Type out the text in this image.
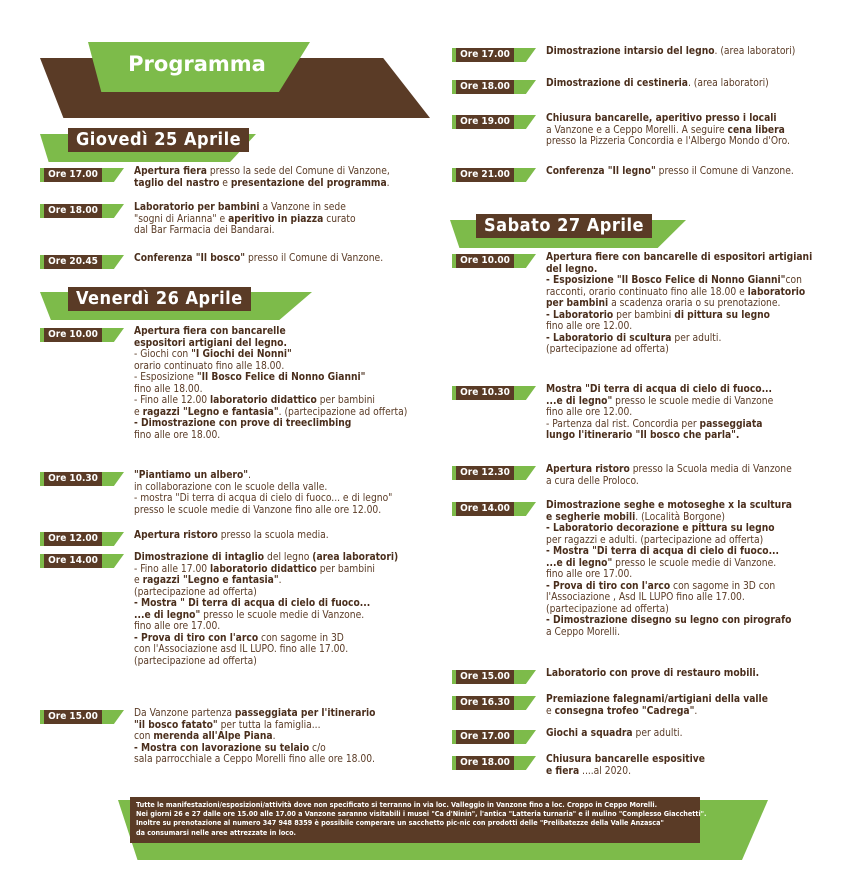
Programma
Giovedì 25 Aprile
Venerdì 26 Aprile
Sabato 27 Aprile
Ore 17.00	Apertura fiera presso la sede del Comune di Vanzone,
taglio del nastro e presentazione del programma.
Ore 18.00	Laboratorio per bambini a Vanzone in sede
"sogni di Arianna" e aperitivo in piazza curato
dal Bar Farmacia dei Bandarai.
Ore 20.45	Conferenza "Il bosco" presso il Comune di Vanzone.
Ore 10.00	Apertura fiera con bancarelle
espositori artigiani del legno.
- Giochi con "I Giochi dei Nonni"
orario continuato fino alle 18.00.
- Esposizione "Il Bosco Felice di Nonno Gianni"
fino alle 18.00.
- Fino alle 12.00 laboratorio didattico per bambini
e ragazzi "Legno e fantasia". (partecipazione ad offerta)
- Dimostrazione con prove di treeclimbing
fino alle ore 18.00.
Ore 10.30	"Piantiamo un albero".
in collaborazione con le scuole della valle.
- mostra "Di terra di acqua di cielo di fuoco... e di legno"
presso le scuole medie di Vanzone fino alle ore 12.00.
Ore 12.00	Apertura ristoro presso la scuola media.
Ore 14.00	Dimostrazione di intaglio del legno (area laboratori)
- Fino alle 17.00 laboratorio didattico per bambini
e ragazzi "Legno e fantasia".
(partecipazione ad offerta)
- Mostra " Di terra di acqua di cielo di fuoco...
...e di legno" presso le scuole medie di Vanzone.
fino alle ore 17.00.
- Prova di tiro con l'arco con sagome in 3D
con l'Associazione asd IL LUPO. fino alle 17.00.
(partecipazione ad offerta)
Ore 15.00	Da Vanzone partenza passeggiata per l'itinerario
"il bosco fatato" per tutta la famiglia...
con merenda all'Alpe Piana.
- Mostra con lavorazione su telaio c/o
sala parrocchiale a Ceppo Morelli fino alle ore 18.00.
Ore 17.00	Dimostrazione intarsio del legno. (area laboratori)
Ore 18.00	Dimostrazione di cestineria. (area laboratori)
Ore 19.00	Chiusura bancarelle, aperitivo presso i locali
a Vanzone e a Ceppo Morelli. A seguire cena libera
presso la Pizzeria Concordia e l'Albergo Mondo d'Oro.
Ore 21.00	Conferenza "Il legno" presso il Comune di Vanzone.
Ore 10.00	Apertura fiere con bancarelle di espositori artigiani
del legno.
- Esposizione "Il Bosco Felice di Nonno Gianni"con
racconti, orario continuato fino alle 18.00 e laboratorio
per bambini a scadenza oraria o su prenotazione.
- Laboratorio per bambini di pittura su legno
fino alle ore 12.00.
- Laboratorio di scultura per adulti.
(partecipazione ad offerta)
Ore 10.30	Mostra "Di terra di acqua di cielo di fuoco...
...e di legno" presso le scuole medie di Vanzone
fino alle ore 12.00.
- Partenza dal rist. Concordia per passeggiata
lungo l'itinerario "Il bosco che parla".
Ore 12.30	Apertura ristoro presso la Scuola media di Vanzone
a cura delle Proloco.
Ore 14.00	Dimostrazione seghe e motoseghe x la scultura
e segherie mobili. (Località Borgone)
- Laboratorio decorazione e pittura su legno
per ragazzi e adulti. (partecipazione ad offerta)
- Mostra "Di terra di acqua di cielo di fuoco...
...e di legno" presso le scuole medie di Vanzone.
fino alle ore 17.00.
- Prova di tiro con l'arco con sagome in 3D con
l'Associazione , Asd IL LUPO fino alle 17.00.
(partecipazione ad offerta)
- Dimostrazione disegno su legno con pirografo
a Ceppo Morelli.
Ore 15.00	Laboratorio con prove di restauro mobili.
Ore 16.30	Premiazione falegnami/artigiani della valle
e consegna trofeo "Cadrega".
Ore 17.00	Giochi a squadra per adulti.
Ore 18.00	Chiusura bancarelle espositive
e fiera ....al 2020.
Tutte le manifestazioni/esposizioni/attività dove non specificato si terranno in via loc. Valleggio in Vanzone fino a loc. Croppo in Ceppo Morelli.
Nei giorni 26 e 27 dalle ore 15.00 alle 17.00 a Vanzone saranno visitabili i musei "Ca d'Ninin", l'antica "Latteria turnaria" e il mulino "Complesso Giacchetti".
Inoltre su prenotazione al numero 347 948 8359 è possibile comperare un sacchetto pic-nic con prodotti delle "Prelibatezze della Valle Anzasca"
da consumarsi nelle aree attrezzate in loco.
